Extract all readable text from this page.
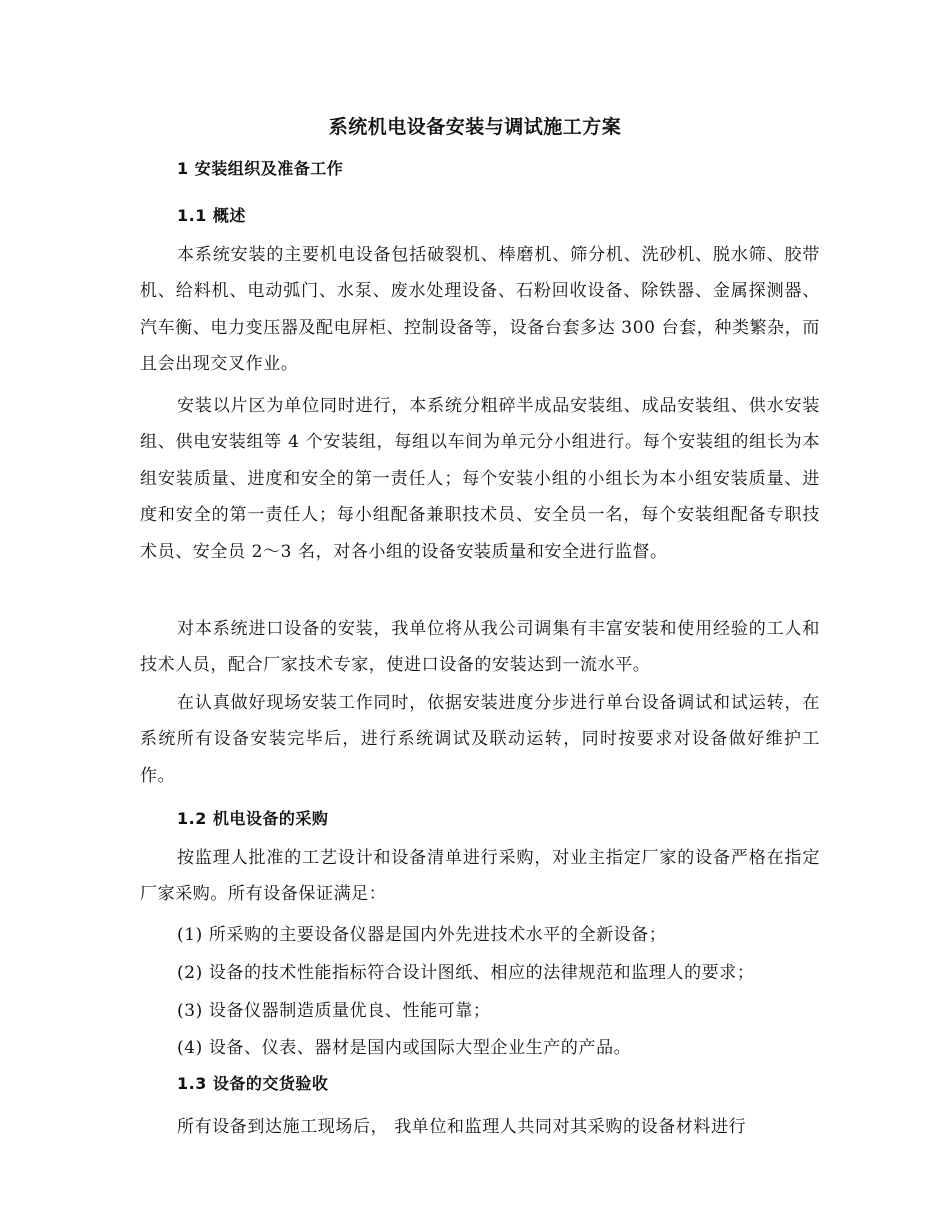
系统机电设备安装与调试施工方案
1 安装组织及准备工作
1.1 概述
本系统安装的主要机电设备包括破裂机、棒磨机、筛分机、洗砂机、脱水筛、胶带机、给料机、电动弧门、水泵、废水处理设备、石粉回收设备、除铁器、金属探测器、汽车衡、电力变压器及配电屏柜、控制设备等，设备台套多达 300 台套，种类繁杂，而且会出现交叉作业。
安装以片区为单位同时进行，本系统分粗碎半成品安装组、成品安装组、供水安装组、供电安装组等 4 个安装组，每组以车间为单元分小组进行。每个安装组的组长为本组安装质量、进度和安全的第一责任人；每个安装小组的小组长为本小组安装质量、进度和安全的第一责任人；每小组配备兼职技术员、安全员一名，每个安装组配备专职技术员、安全员 2～3 名，对各小组的设备安装质量和安全进行监督。
对本系统进口设备的安装，我单位将从我公司调集有丰富安装和使用经验的工人和技术人员，配合厂家技术专家，使进口设备的安装达到一流水平。
在认真做好现场安装工作同时，依据安装进度分步进行单台设备调试和试运转，在系统所有设备安装完毕后，进行系统调试及联动运转，同时按要求对设备做好维护工作。
1.2 机电设备的采购
按监理人批准的工艺设计和设备清单进行采购，对业主指定厂家的设备严格在指定厂家采购。所有设备保证满足：
(1) 所采购的主要设备仪器是国内外先进技术水平的全新设备；
(2) 设备的技术性能指标符合设计图纸、相应的法律规范和监理人的要求；
(3) 设备仪器制造质量优良、性能可靠；
(4) 设备、仪表、器材是国内或国际大型企业生产的产品。
1.3 设备的交货验收
所有设备到达施工现场后， 我单位和监理人共同对其采购的设备材料进行
